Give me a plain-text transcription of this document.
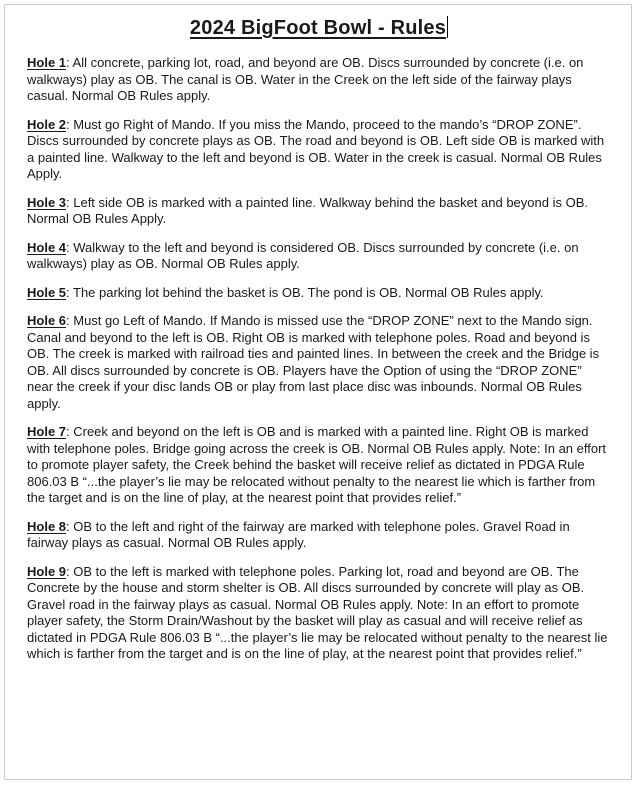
2024 BigFoot Bowl - Rules

Hole 1: All concrete, parking lot, road, and beyond are OB. Discs surrounded by concrete (i.e. on walkways) play as OB. The canal is OB. Water in the Creek on the left side of the fairway plays casual. Normal OB Rules apply.

Hole 2: Must go Right of Mando. If you miss the Mando, proceed to the mando’s “DROP ZONE”. Discs surrounded by concrete plays as OB. The road and beyond is OB. Left side OB is marked with a painted line. Walkway to the left and beyond is OB. Water in the creek is casual. Normal OB Rules Apply.

Hole 3: Left side OB is marked with a painted line. Walkway behind the basket and beyond is OB. Normal OB Rules Apply.

Hole 4: Walkway to the left and beyond is considered OB. Discs surrounded by concrete (i.e. on walkways) play as OB. Normal OB Rules apply.

Hole 5: The parking lot behind the basket is OB. The pond is OB. Normal OB Rules apply.

Hole 6: Must go Left of Mando. If Mando is missed use the “DROP ZONE” next to the Mando sign. Canal and beyond to the left is OB. Right OB is marked with telephone poles. Road and beyond is OB. The creek is marked with railroad ties and painted lines. In between the creek and the Bridge is OB. All discs surrounded by concrete is OB. Players have the Option of using the “DROP ZONE” near the creek if your disc lands OB or play from last place disc was inbounds. Normal OB Rules apply.

Hole 7: Creek and beyond on the left is OB and is marked with a painted line. Right OB is marked with telephone poles. Bridge going across the creek is OB. Normal OB Rules apply. Note: In an effort to promote player safety, the Creek behind the basket will receive relief as dictated in PDGA Rule 806.03 B “...the player’s lie may be relocated without penalty to the nearest lie which is farther from the target and is on the line of play, at the nearest point that provides relief.”

Hole 8: OB to the left and right of the fairway are marked with telephone poles. Gravel Road in fairway plays as casual. Normal OB Rules apply.

Hole 9: OB to the left is marked with telephone poles. Parking lot, road and beyond are OB. The Concrete by the house and storm shelter is OB. All discs surrounded by concrete will play as OB. Gravel road in the fairway plays as casual. Normal OB Rules apply. Note: In an effort to promote player safety, the Storm Drain/Washout by the basket will play as casual and will receive relief as dictated in PDGA Rule 806.03 B “...the player’s lie may be relocated without penalty to the nearest lie which is farther from the target and is on the line of play, at the nearest point that provides relief.”
